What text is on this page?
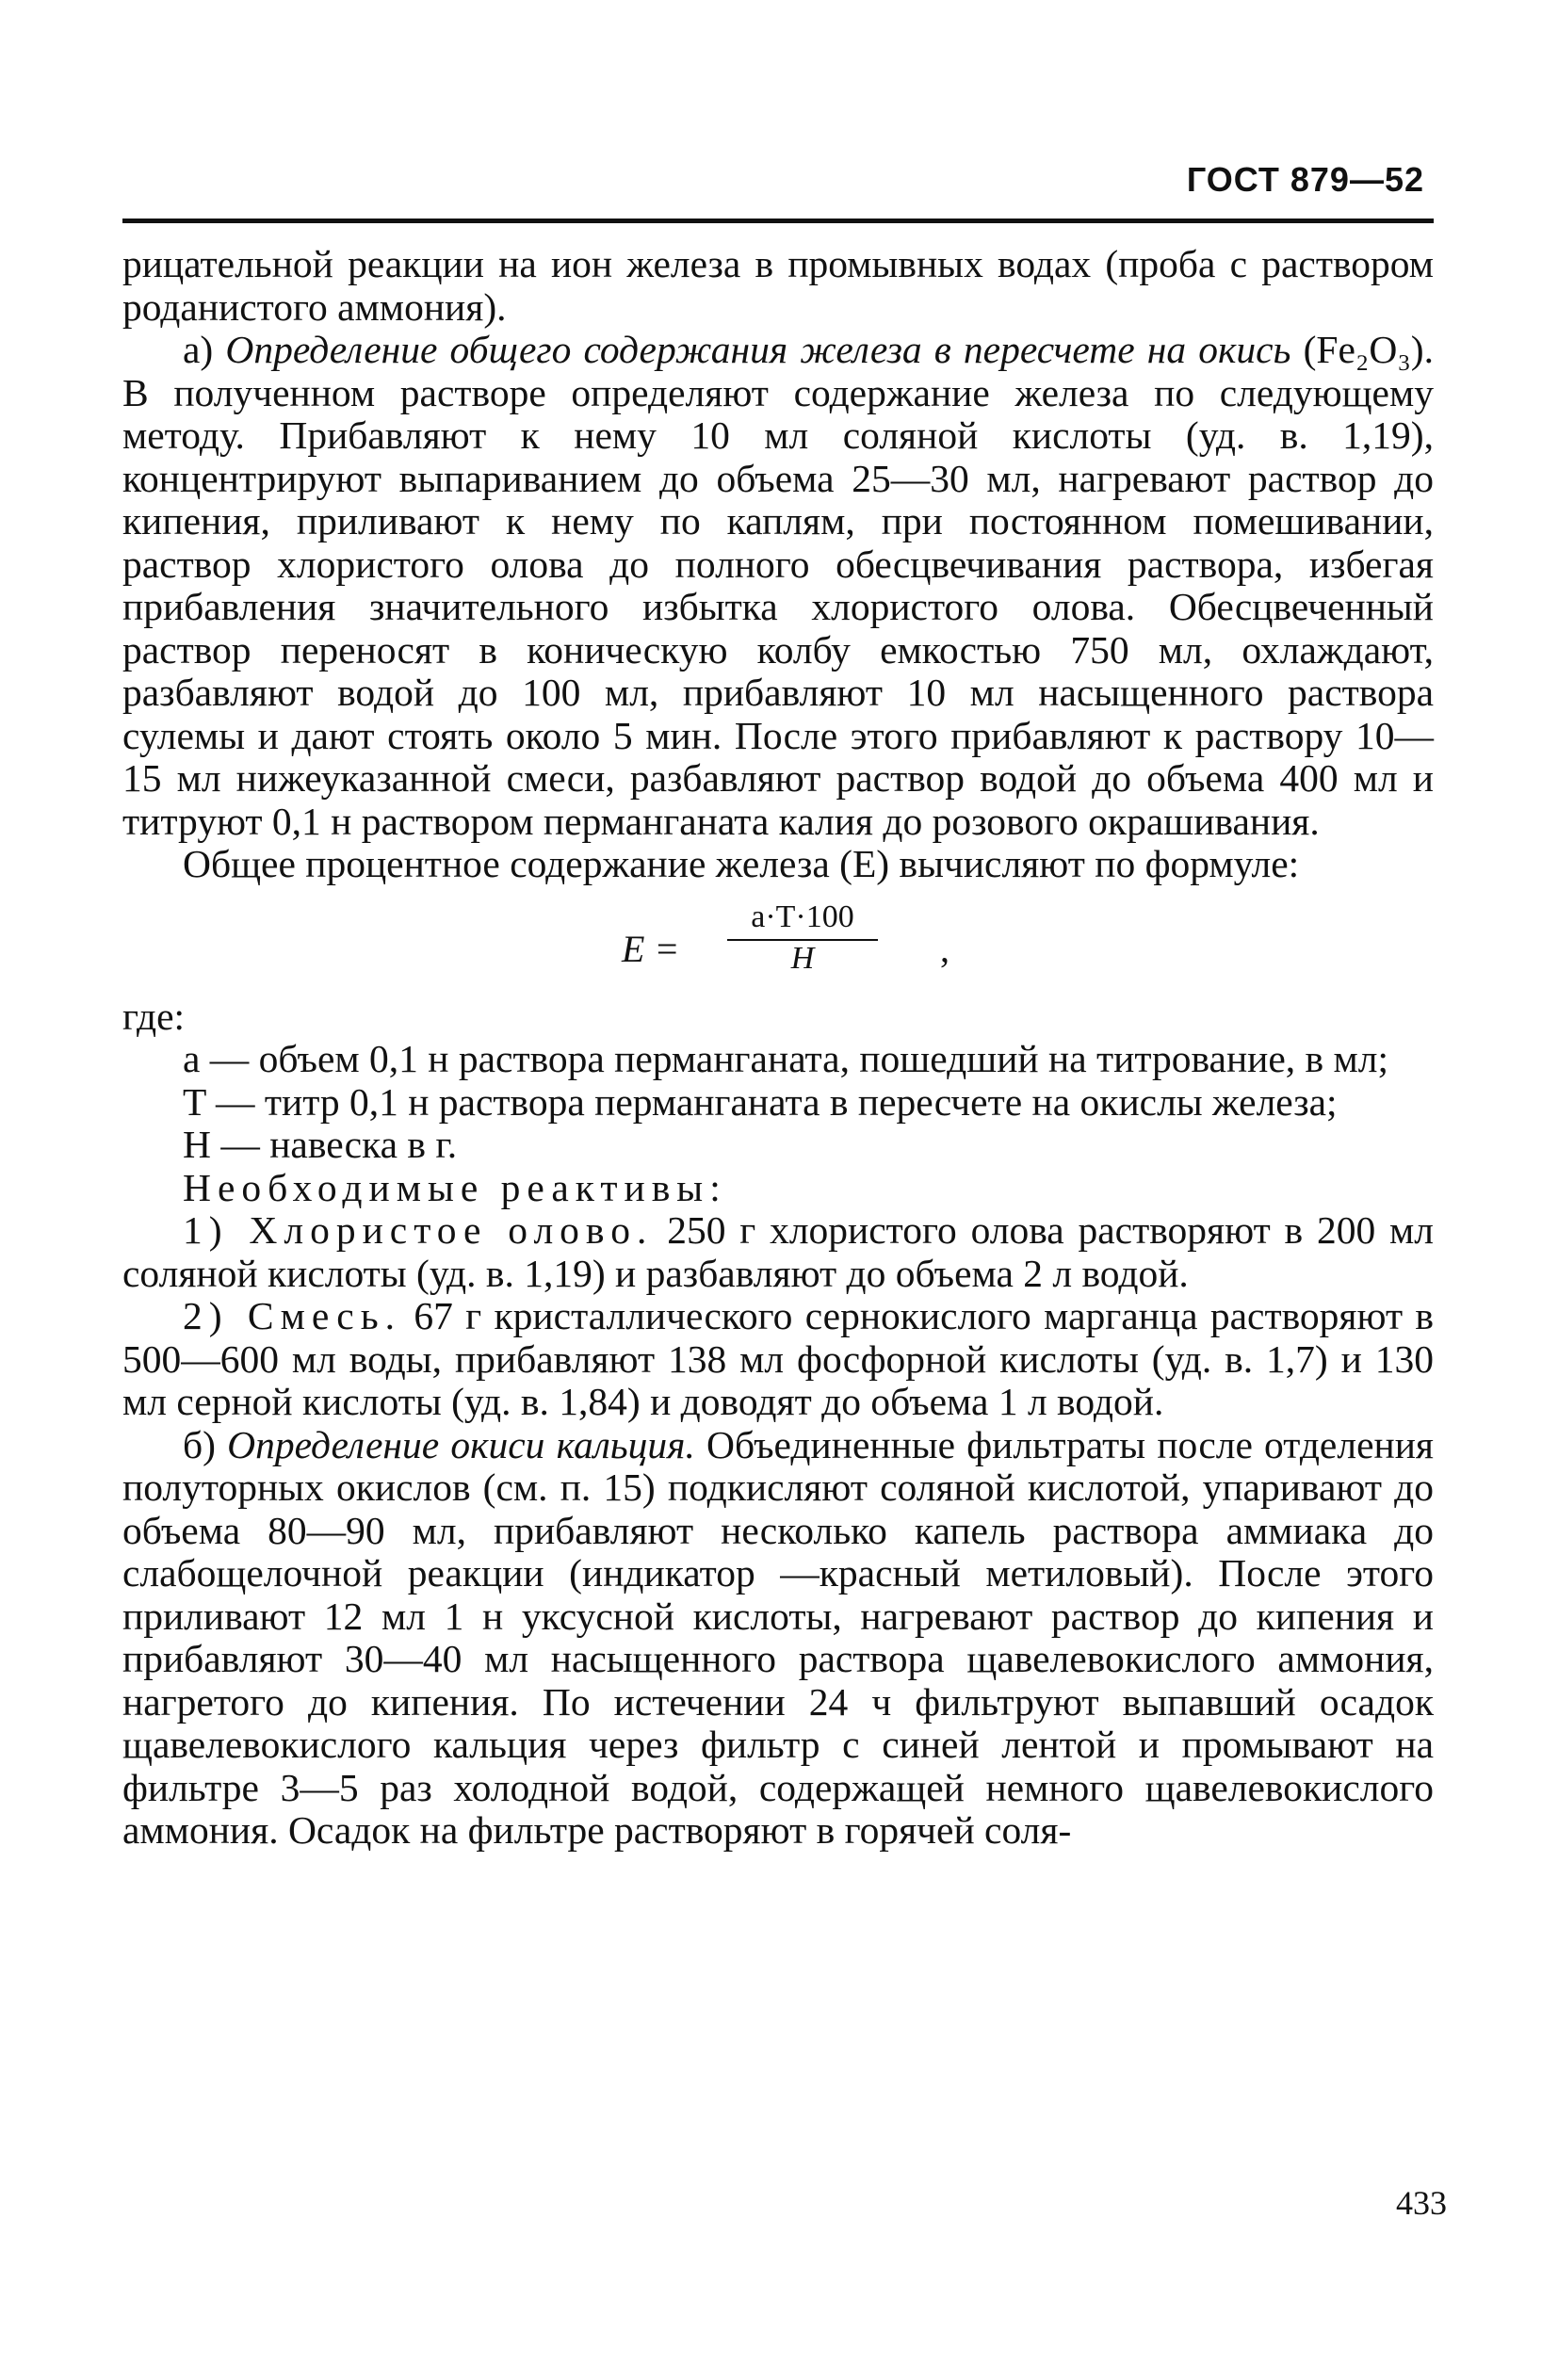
ГОСТ 879—52

рицательной реакции на ион железа в промывных водах (проба с раствором роданистого аммония).

а) Определение общего содержания железа в пересчете на окись (Fe₂O₃). В полученном растворе определяют содержание железа по следующему методу. Прибавляют к нему 10 мл соляной кислоты (уд. в. 1,19), концентрируют выпариванием до объема 25—30 мл, нагревают раствор до кипения, приливают к нему по каплям, при постоянном помешивании, раствор хлористого олова до полного обесцвечивания раствора, избегая прибавления значительного избытка хлористого олова. Обесцвеченный раствор переносят в коническую колбу емкостью 750 мл, охлаждают, разбавляют водой до 100 мл, прибавляют 10 мл насыщенного раствора сулемы и дают стоять около 5 мин. После этого прибавляют к раствору 10—15 мл нижеуказанной смеси, разбавляют раствор водой до объема 400 мл и титруют 0,1 н раствором перманганата калия до розового окрашивания.

Общее процентное содержание железа (E) вычисляют по формуле:

E =
a·T·100
H	,

где:

a — объем 0,1 н раствора перманганата, пошедший на титрование, в мл;

T — титр 0,1 н раствора перманганата в пересчете на окислы железа;

H — навеска в г.

Необходимые реактивы:

1) Хлористое олово. 250 г хлористого олова растворяют в 200 мл соляной кислоты (уд. в. 1,19) и разбавляют до объема 2 л водой.

2) Смесь. 67 г кристаллического сернокислого марганца растворяют в 500—600 мл воды, прибавляют 138 мл фосфорной кислоты (уд. в. 1,7) и 130 мл серной кислоты (уд. в. 1,84) и доводят до объема 1 л водой.

б) Определение окиси кальция. Объединенные фильтраты после отделения полуторных окислов (см. п. 15) подкисляют соляной кислотой, упаривают до объема 80—90 мл, прибавляют несколько капель раствора аммиака до слабощелочной реакции (индикатор —красный метиловый). После этого приливают 12 мл 1 н уксусной кислоты, нагревают раствор до кипения и прибавляют 30—40 мл насыщенного раствора щавелевокислого аммония, нагретого до кипения. По истечении 24 ч фильтруют выпавший осадок щавелевокислого кальция через фильтр с синей лентой и промывают на фильтре 3—5 раз холодной водой, содержащей немного щавелевокислого аммония. Осадок на фильтре растворяют в горячей соля-

433
